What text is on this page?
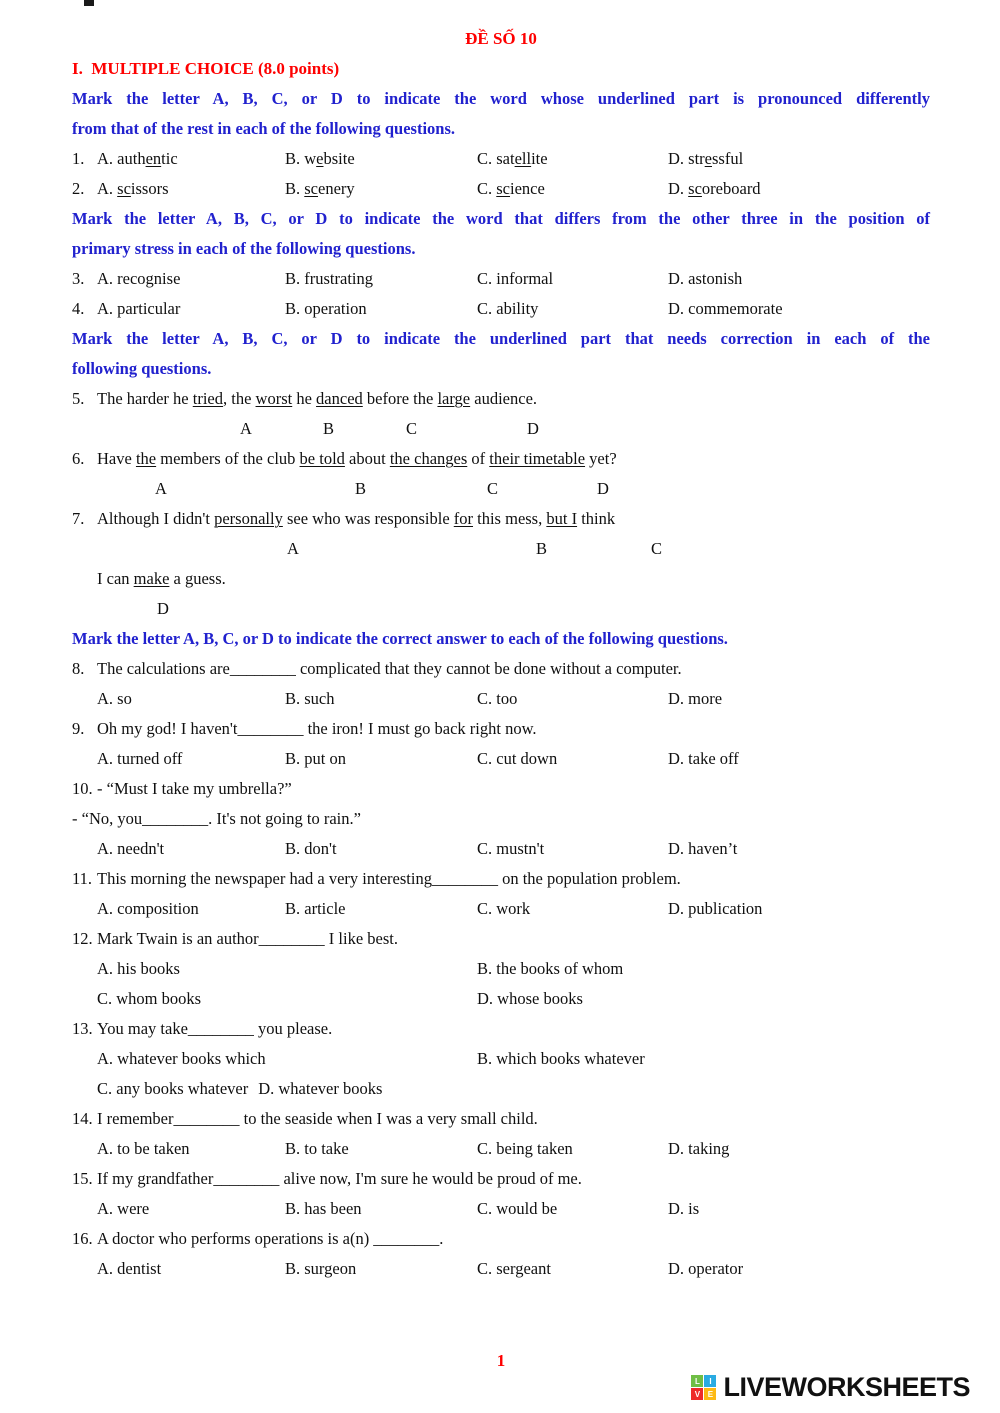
ĐỀ SỐ 10
I.  MULTIPLE CHOICE (8.0 points)
Mark the letter A, B, C, or D to indicate the word whose underlined part is pronounced differently
from that of the rest in each of the following questions.
1. A. authentic	B. website	C. satellite	D. stressful
2. A. scissors	B. scenery	C. science	D. scoreboard
Mark the letter A, B, C, or D to indicate the word that differs from the other three in the position of
primary stress in each of the following questions.
3. A. recognise	B. frustrating	C. informal	D. astonish
4. A. particular	B. operation	C. ability	D. commemorate
Mark the letter A, B, C, or D to indicate the underlined part that needs correction in each of the
following questions.
5. The harder he tried, the worst he danced before the large audience.
A	B	C	D
6. Have the members of the club be told about the changes of their timetable yet?
A	B	C	D
7. Although I didn't personally see who was responsible for this mess, but I think
A	B	C
I can make a guess.
D
Mark the letter A, B, C, or D to indicate the correct answer to each of the following questions.
8. The calculations are________ complicated that they cannot be done without a computer.
A. so	B. such	C. too	D. more
9. Oh my god! I haven't________ the iron! I must go back right now.
A. turned off	B. put on	C. cut down	D. take off
10. - “Must I take my umbrella?”
- “No, you________. It's not going to rain.”
A. needn't	B. don't	C. mustn't	D. haven’t
11. This morning the newspaper had a very interesting________ on the population problem.
A. composition	B. article	C. work	D. publication
12. Mark Twain is an author________ I like best.
A. his books	B. the books of whom
C. whom books	D. whose books
13. You may take________ you please.
A. whatever books which	B. which books whatever
C. any books whatever D. whatever books
14. I remember________ to the seaside when I was a very small child.
A. to be taken	B. to take	C. being taken	D. taking
15. If my grandfather________ alive now, I'm sure he would be proud of me.
A. were	B. has been	C. would be	D. is
16. A doctor who performs operations is a(n) ________.
A. dentist	B. surgeon	C. sergeant	D. operator
1
L	I
V E LIVEWORKSHEETS
